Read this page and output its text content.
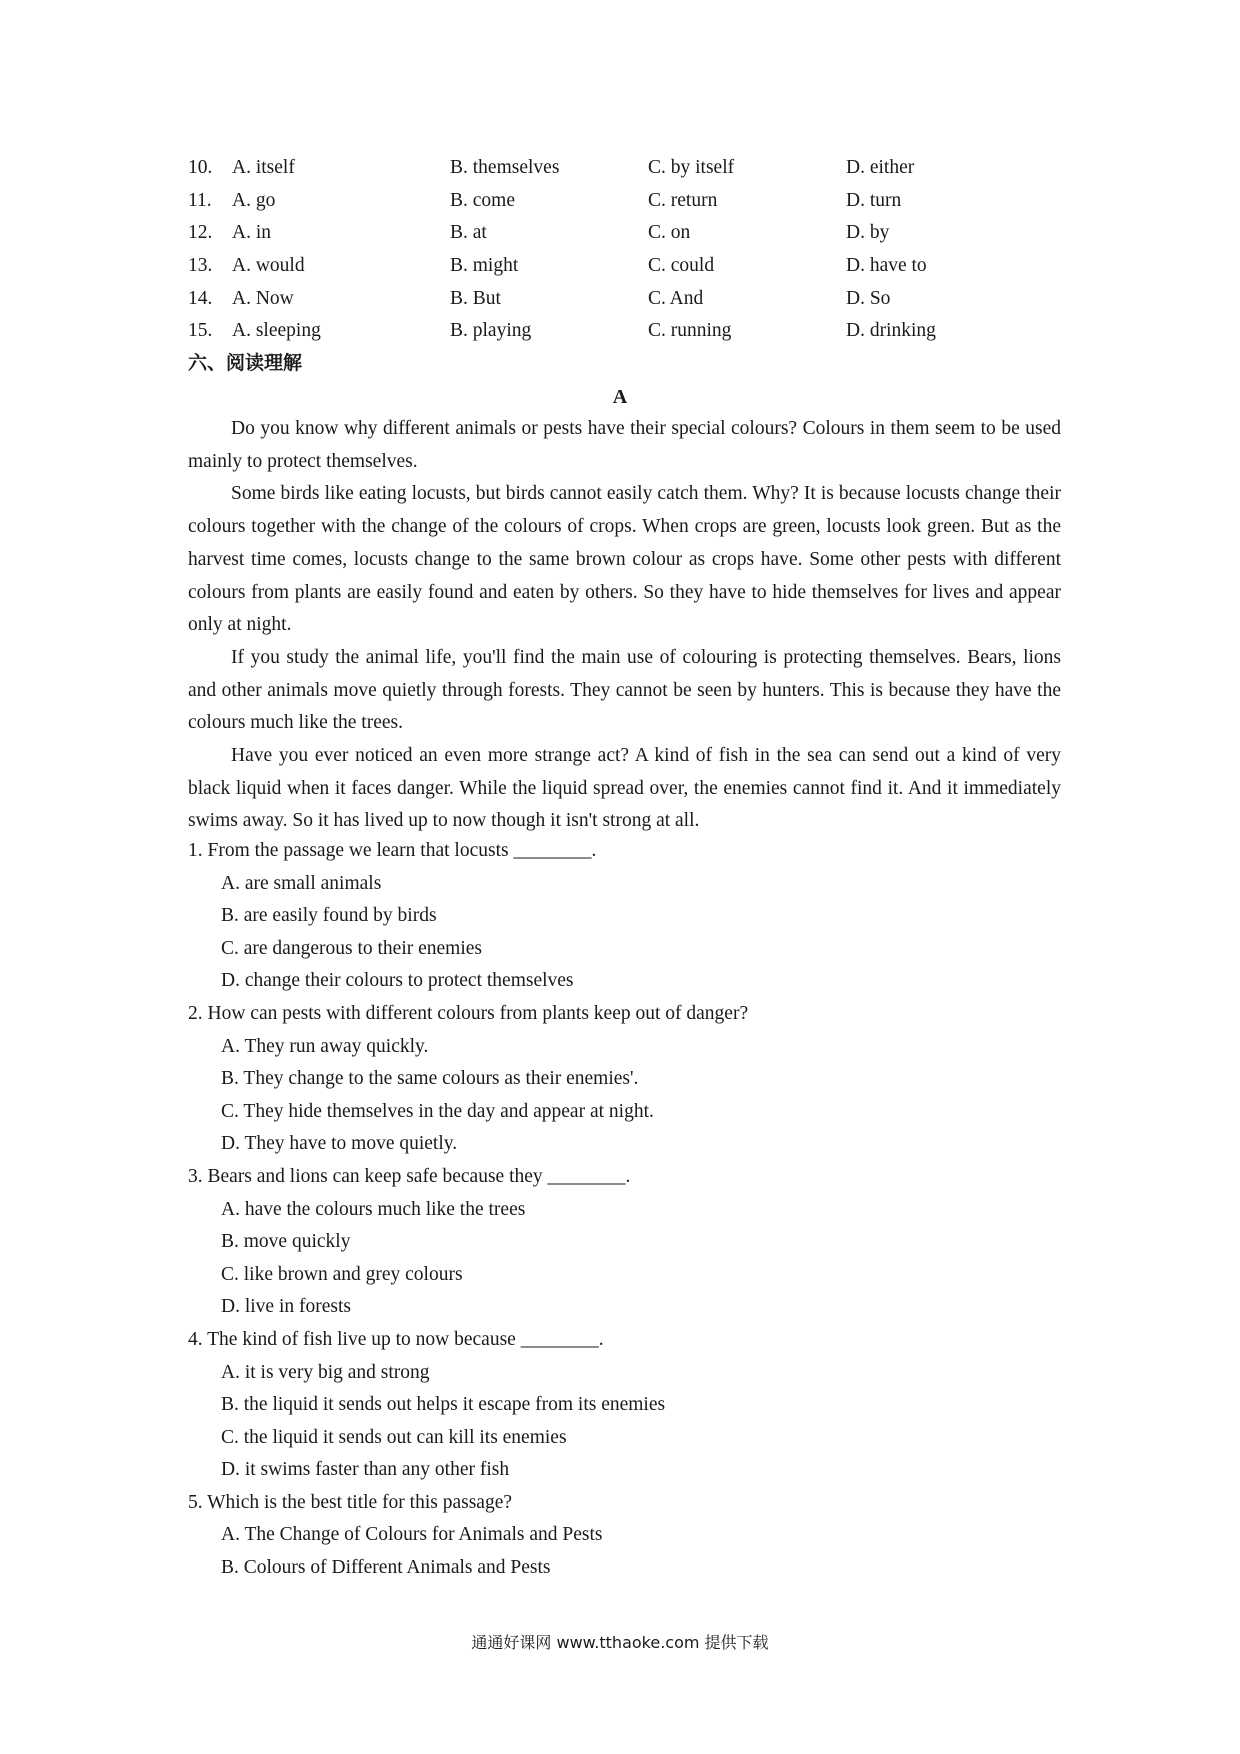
10. A. itself	B. themselves	C. by itself	D. either
11. A. go	B. come	C. return	D. turn
12. A. in	B. at	C. on	D. by
13. A. would	B. might	C. could	D. have to
14. A. Now	B. But	C. And	D. So
15. A. sleeping	B. playing	C. running	D. drinking
六、阅读理解
A

Do you know why different animals or pests have their special colours? Colours in them seem to be used mainly to protect themselves.

Some birds like eating locusts, but birds cannot easily catch them. Why? It is because locusts change their colours together with the change of the colours of crops. When crops are green, locusts look green. But as the harvest time comes, locusts change to the same brown colour as crops have. Some other pests with different colours from plants are easily found and eaten by others. So they have to hide themselves for lives and appear only at night.

If you study the animal life, you'll find the main use of colouring is protecting themselves. Bears, lions and other animals move quietly through forests. They cannot be seen by hunters. This is because they have the colours much like the trees.

Have you ever noticed an even more strange act? A kind of fish in the sea can send out a kind of very black liquid when it faces danger. While the liquid spread over, the enemies cannot find it. And it immediately swims away. So it has lived up to now though it isn't strong at all.

1. From the passage we learn that locusts ________.
A. are small animals
B. are easily found by birds
C. are dangerous to their enemies
D. change their colours to protect themselves
2. How can pests with different colours from plants keep out of danger?
A. They run away quickly.
B. They change to the same colours as their enemies'.
C. They hide themselves in the day and appear at night.
D. They have to move quietly.
3. Bears and lions can keep safe because they ________.
A. have the colours much like the trees
B. move quickly
C. like brown and grey colours
D. live in forests
4. The kind of fish live up to now because ________.
A. it is very big and strong
B. the liquid it sends out helps it escape from its enemies
C. the liquid it sends out can kill its enemies
D. it swims faster than any other fish
5. Which is the best title for this passage?
A. The Change of Colours for Animals and Pests
B. Colours of Different Animals and Pests
通通好课网 www.tthaoke.com 提供下载
